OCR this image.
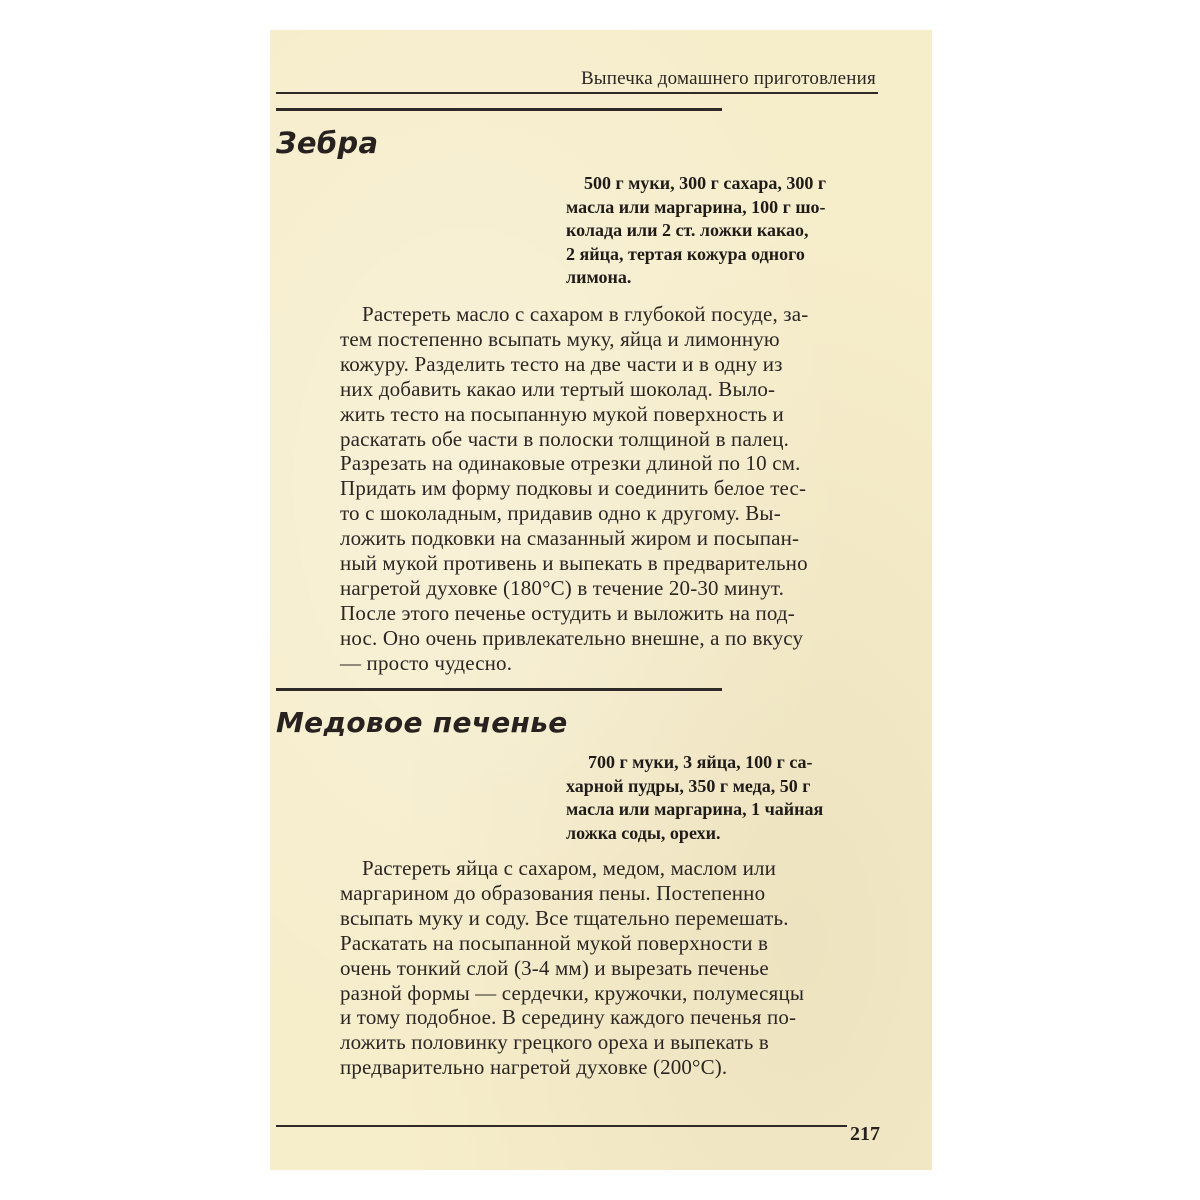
Выпечка домашнего приготовления
Зебра
500 г муки, 300 г сахара, 300 г
масла или маргарина, 100 г шо-
колада или 2 ст. ложки какао,
2 яйца, тертая кожура одного
лимона.
Растереть масло с сахаром в глубокой посуде, за-
тем постепенно всыпать муку, яйца и лимонную
кожуру. Разделить тесто на две части и в одну из
них добавить какао или тертый шоколад. Выло-
жить тесто на посыпанную мукой поверхность и
раскатать обе части в полоски толщиной в палец.
Разрезать на одинаковые отрезки длиной по 10 см.
Придать им форму подковы и соединить белое тес-
то с шоколадным, придавив одно к другому. Вы-
ложить подковки на смазанный жиром и посыпан-
ный мукой противень и выпекать в предварительно
нагретой духовке (180°С) в течение 20-30 минут.
После этого печенье остудить и выложить на под-
нос. Оно очень привлекательно внешне, а по вкусу
— просто чудесно.
Медовое печенье
700 г муки, 3 яйца, 100 г са-
харной пудры, 350 г меда, 50 г
масла или маргарина, 1 чайная
ложка соды, орехи.
Растереть яйца с сахаром, медом, маслом или
маргарином до образования пены. Постепенно
всыпать муку и соду. Все тщательно перемешать.
Раскатать на посыпанной мукой поверхности в
очень тонкий слой (3-4 мм) и вырезать печенье
разной формы — сердечки, кружочки, полумесяцы
и тому подобное. В середину каждого печенья по-
ложить половинку грецкого ореха и выпекать в
предварительно нагретой духовке (200°С).
217
